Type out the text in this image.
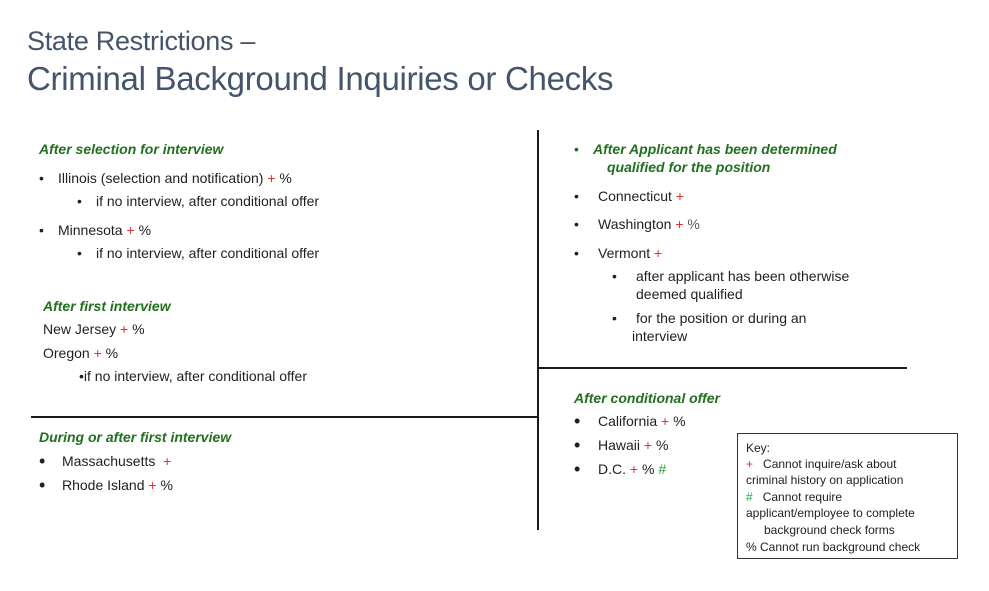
State Restrictions –
Criminal Background Inquiries or Checks
After selection for interview
• Illinois (selection and notification) + %
• if no interview, after conditional offer
• Minnesota + %
• if no interview, after conditional offer
After first interview
New Jersey + %
Oregon + %
•if no interview, after conditional offer
During or after first interview
• Massachusetts +
• Rhode Island + %
• After Applicant has been determined
qualified for the position
• Connecticut +
• Washington + %
• Vermont +
• after applicant has been otherwise
deemed qualified
• for the position or during an
interview
After conditional offer
• California + %
• Hawaii + %
• D.C. + % #
Key:
+ Cannot inquire/ask about
criminal history on application
# Cannot require
applicant/employee to complete
background check forms
% Cannot run background check
